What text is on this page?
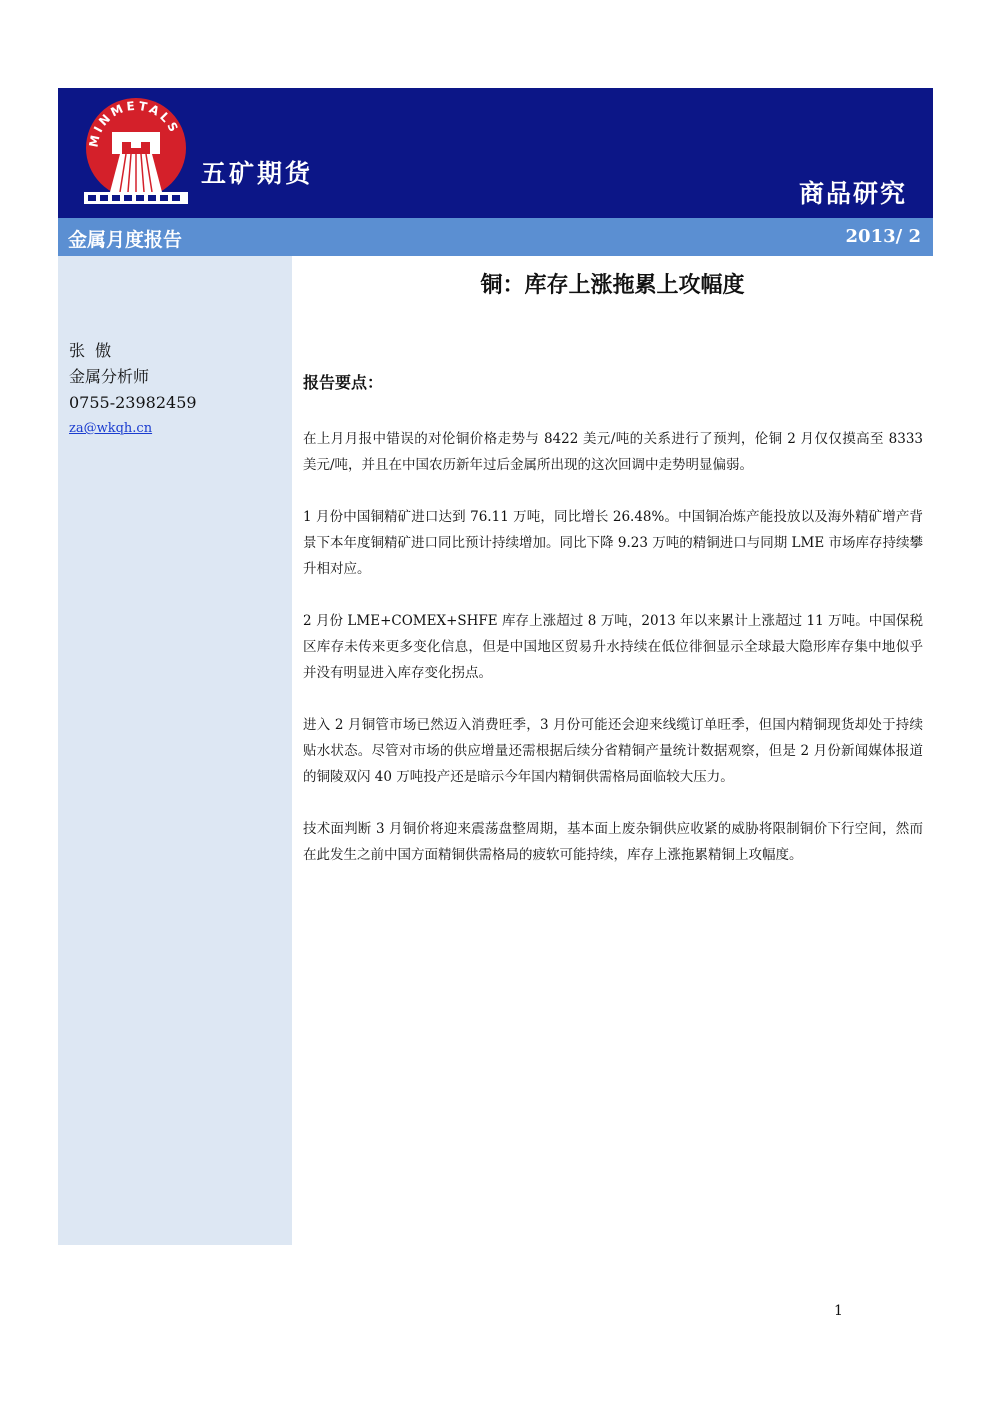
MINMETALS
五矿期货
商品研究
金属月度报告	2013/ 2
张  傲
金属分析师
0755-23982459
za@wkqh.cn
铜：库存上涨拖累上攻幅度
报告要点：

在上月月报中错误的对伦铜价格走势与 8422 美元/吨的关系进行了预判，伦铜 2 月仅仅摸高至 8333 美元/吨，并且在中国农历新年过后金属所出现的这次回调中走势明显偏弱。

1 月份中国铜精矿进口达到 76.11 万吨，同比增长 26.48%。中国铜冶炼产能投放以及海外精矿增产背景下本年度铜精矿进口同比预计持续增加。同比下降 9.23 万吨的精铜进口与同期 LME 市场库存持续攀升相对应。

2 月份 LME+COMEX+SHFE 库存上涨超过 8 万吨，2013 年以来累计上涨超过 11 万吨。中国保税区库存未传来更多变化信息，但是中国地区贸易升水持续在低位徘徊显示全球最大隐形库存集中地似乎并没有明显进入库存变化拐点。

进入 2 月铜管市场已然迈入消费旺季，3 月份可能还会迎来线缆订单旺季，但国内精铜现货却处于持续贴水状态。尽管对市场的供应增量还需根据后续分省精铜产量统计数据观察，但是 2 月份新闻媒体报道的铜陵双闪 40 万吨投产还是暗示今年国内精铜供需格局面临较大压力。

技术面判断 3 月铜价将迎来震荡盘整周期，基本面上废杂铜供应收紧的威胁将限制铜价下行空间，然而在此发生之前中国方面精铜供需格局的疲软可能持续，库存上涨拖累精铜上攻幅度。

1
